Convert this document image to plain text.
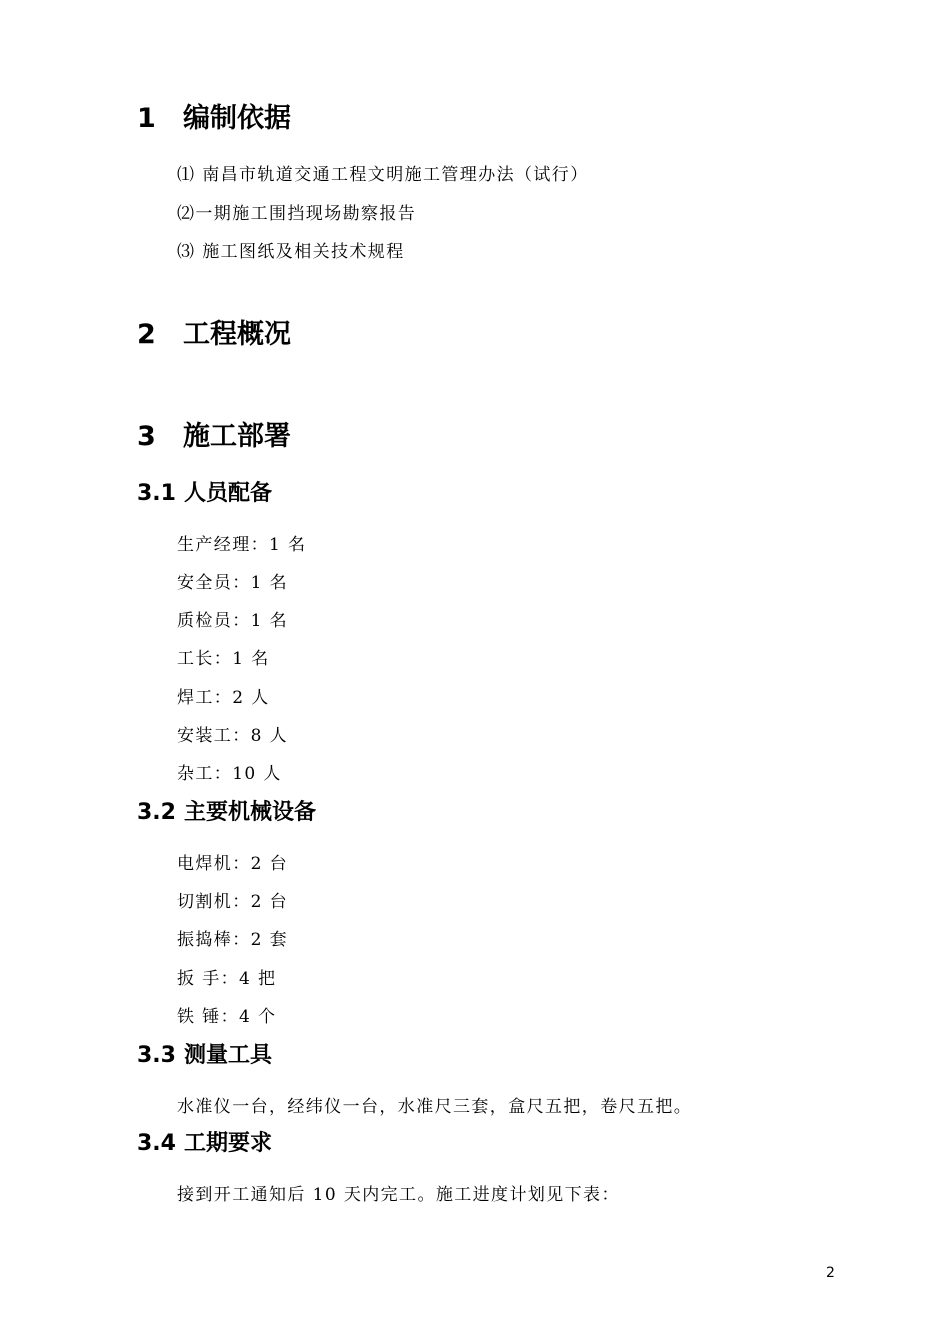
1 编制依据
⑴ 南昌市轨道交通工程文明施工管理办法（试行）
⑵一期施工围挡现场勘察报告
⑶ 施工图纸及相关技术规程
2 工程概况
3 施工部署
3.1 人员配备
生产经理：1 名
安全员：1 名
质检员：1 名
工长：1 名
焊工：2 人
安装工：8 人
杂工：10 人
3.2 主要机械设备
电焊机：2 台
切割机：2 台
振捣棒：2 套
扳 手：4 把
铁 锤：4 个
3.3 测量工具
水准仪一台，经纬仪一台，水准尺三套，盒尺五把，卷尺五把。
3.4 工期要求
接到开工通知后 10 天内完工。施工进度计划见下表：
2
